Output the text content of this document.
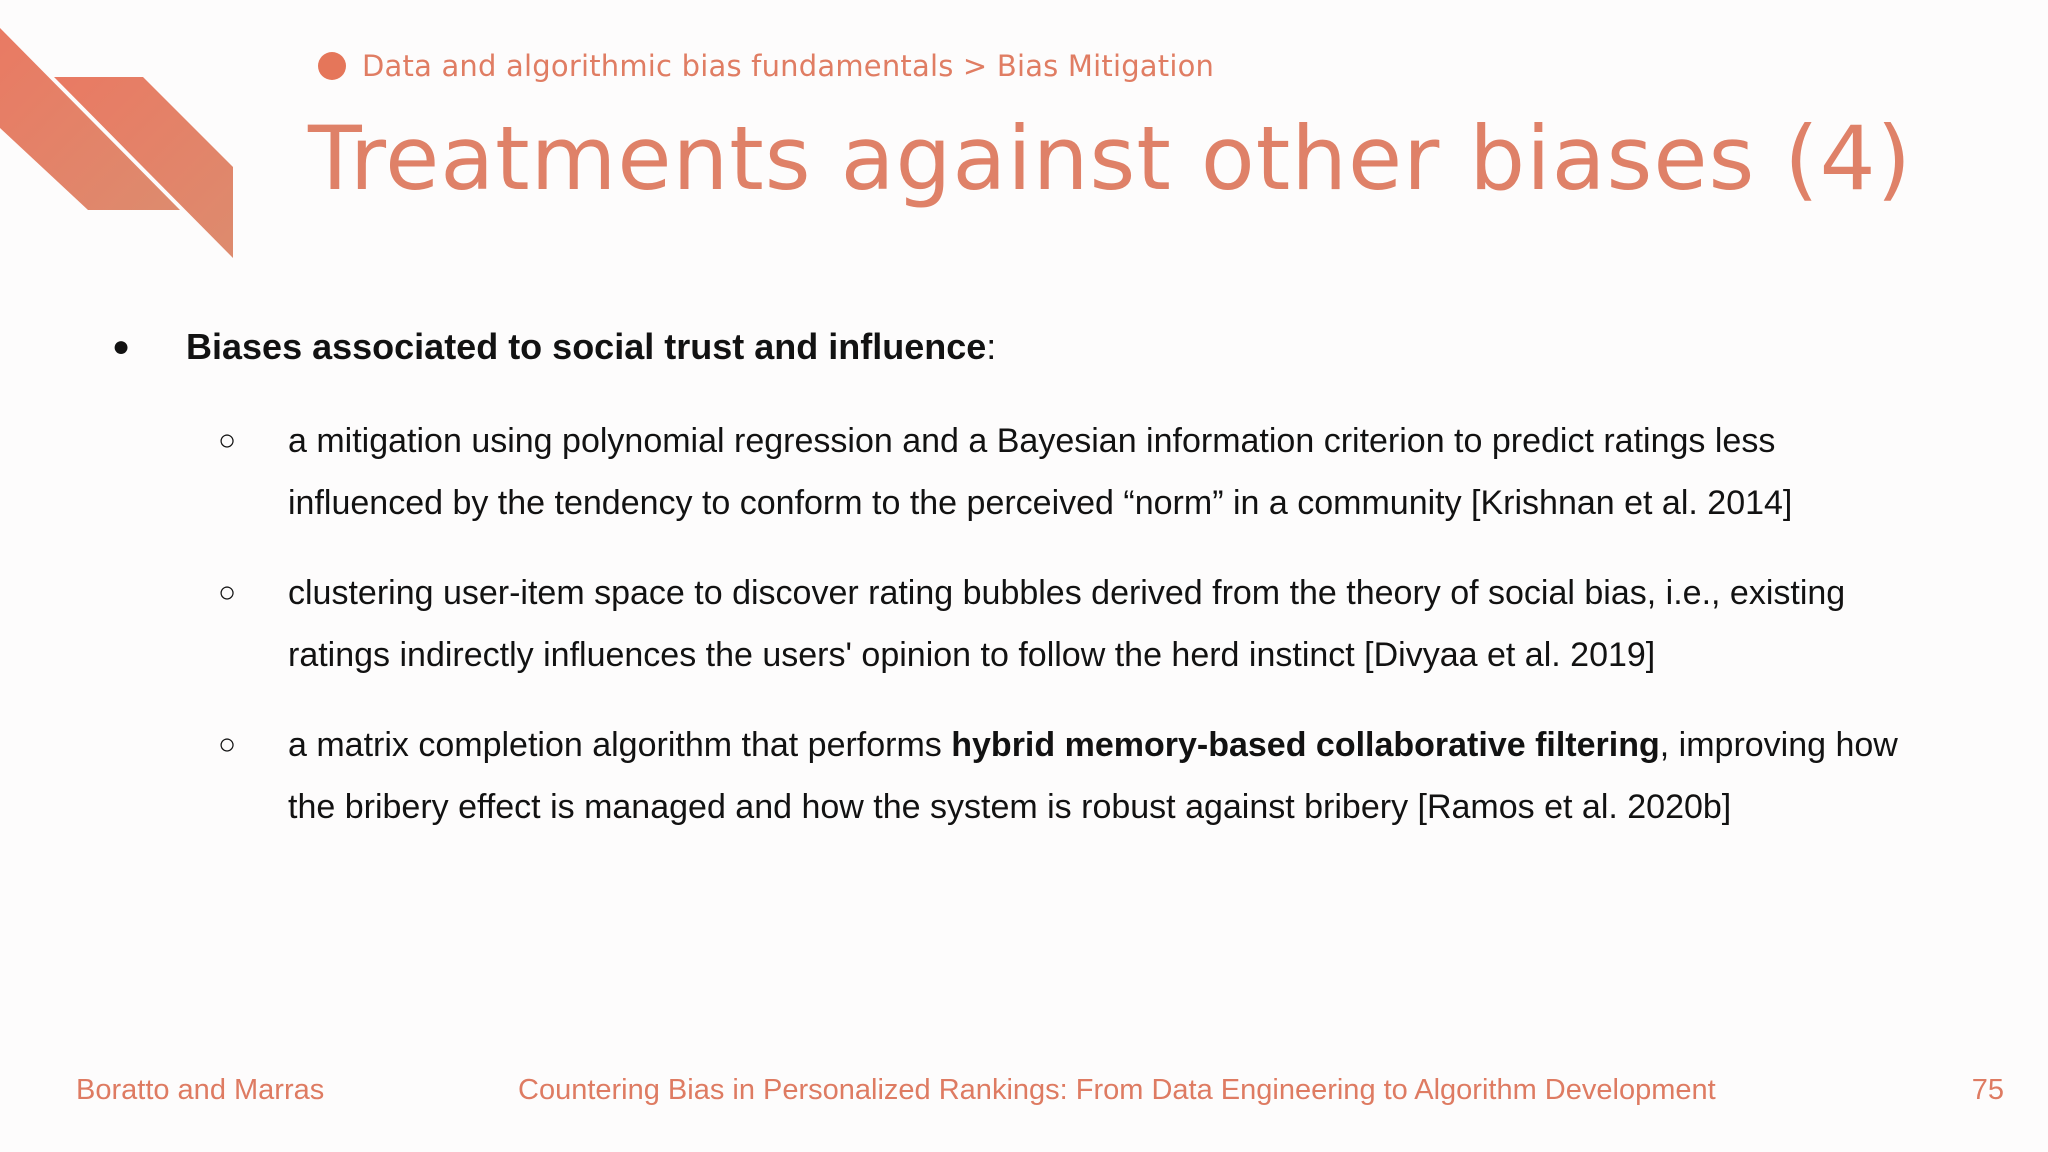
Data and algorithmic bias fundamentals > Bias Mitigation
Treatments against other biases (4)
● Biases associated to social trust and influence:
○ a mitigation using polynomial regression and a Bayesian information criterion to predict ratings less influenced by the tendency to conform to the perceived “norm” in a community [Krishnan et al. 2014]
○ clustering user-item space to discover rating bubbles derived from the theory of social bias, i.e., existing ratings indirectly influences the users' opinion to follow the herd instinct [Divyaa et al. 2019]
○ a matrix completion algorithm that performs hybrid memory-based collaborative filtering, improving how the bribery effect is managed and how the system is robust against bribery [Ramos et al. 2020b]
Boratto and Marras	Countering Bias in Personalized Rankings: From Data Engineering to Algorithm Development	75
